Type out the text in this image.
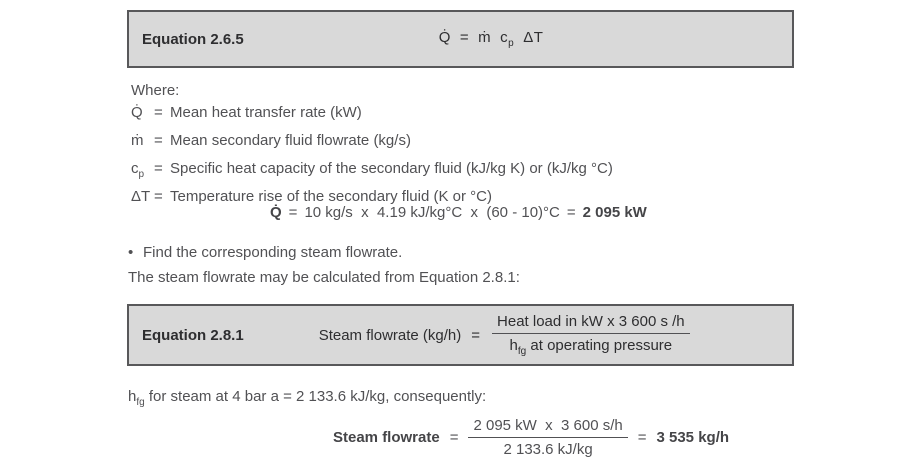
Equation 2.6.5	Q̇ = ṁ $c_p$ ΔT
Where:
Q̇ = Mean heat transfer rate (kW)
ṁ = Mean secondary fluid flowrate (kg/s)
$c_p$ = Specific heat capacity of the secondary fluid (kJ/kg K) or (kJ/kg °C)
ΔT = Temperature rise of the secondary fluid (K or °C)
Q̇ = 10 kg/s  x  4.19 kJ/kg°C  x  (60 - 10)°C = 2 095 kW
• Find the corresponding steam flowrate.
The steam flowrate may be calculated from Equation 2.8.1:
Equation 2.8.1	Steam flowrate $(kg/h) = \frac{\text{Heat load in kW x 3 600 s /h}}{h_{fg} at operating pressure}$
$h_{fg}$ for steam at 4 bar a = 2 133.6 kJ/kg, consequently:
Steam flowrate = $\frac{\text{2 095 kW  x  3 600 s/h}}{2 133.6 kJ/kg} = 3$ 535 kg/h
